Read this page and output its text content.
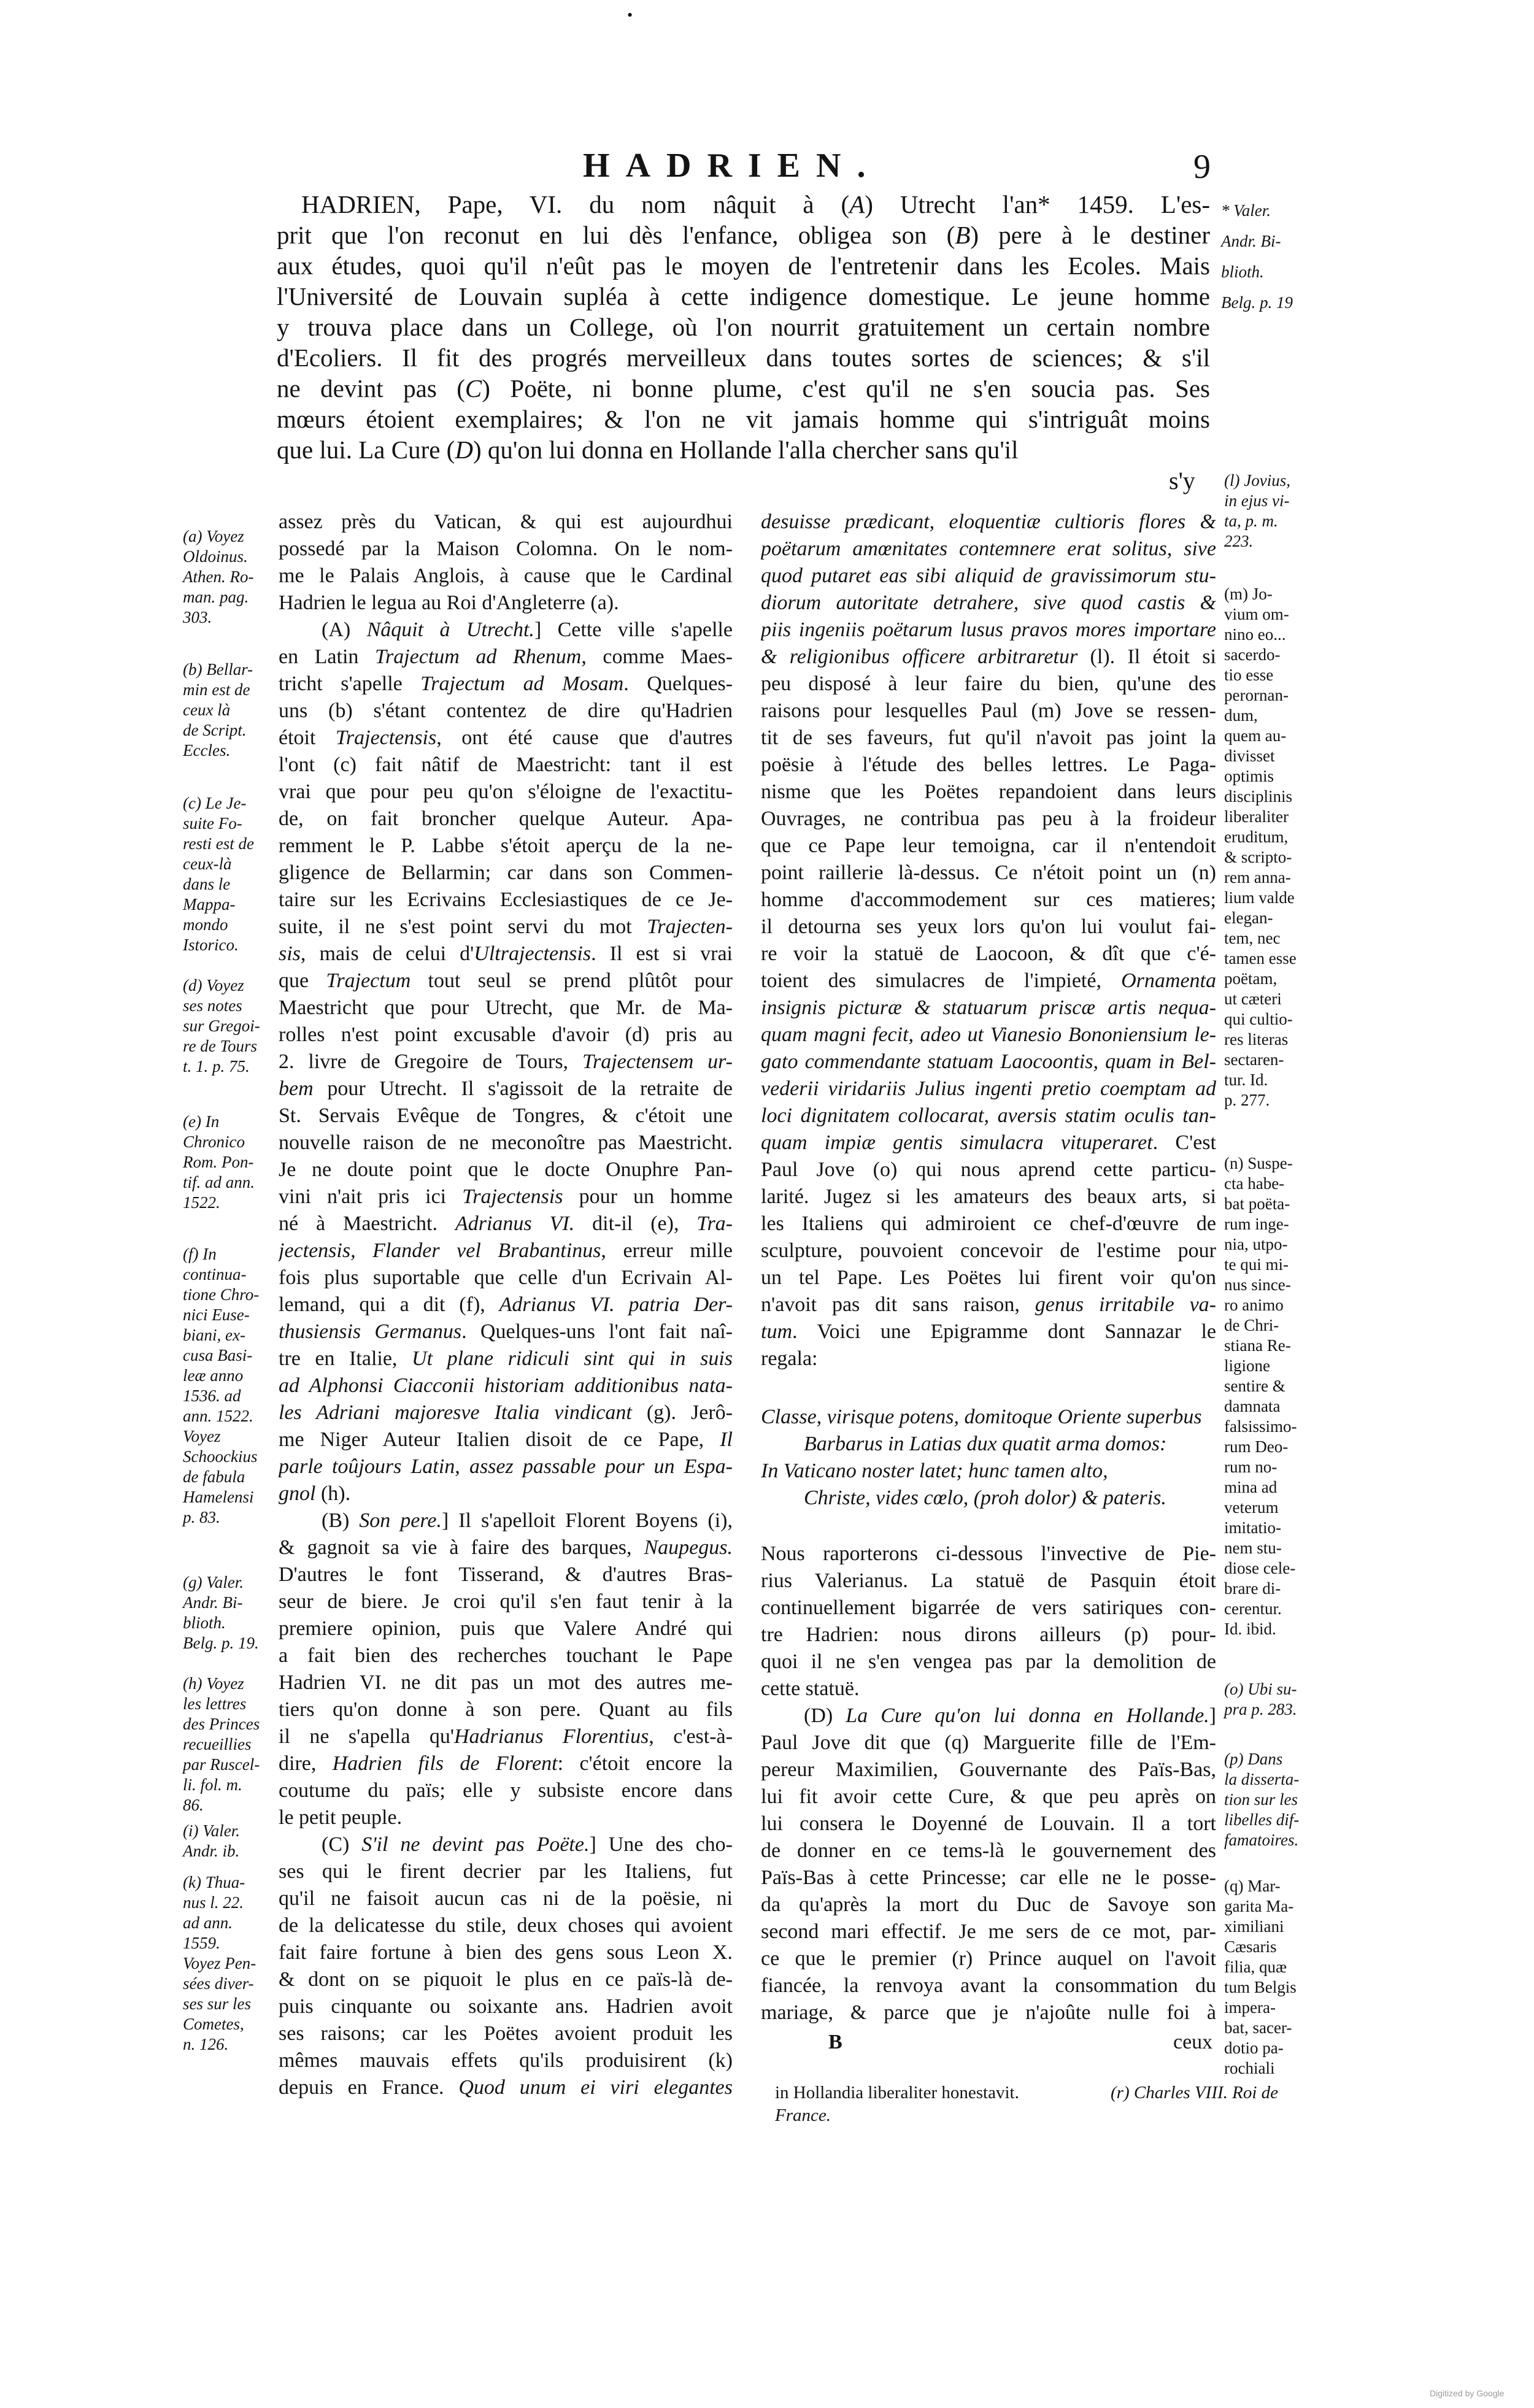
•
HADRIEN.	9
HADRIEN, Pape, VI. du nom nâquit à (A) Utrecht l'an* 1459. L'es-
prit que l'on reconut en lui dès l'enfance, obligea son (B) pere à le destiner
aux études, quoi qu'il n'eût pas le moyen de l'entretenir dans les Ecoles. Mais
l'Université de Louvain supléa à cette indigence domestique. Le jeune homme
y trouva place dans un College, où l'on nourrit gratuitement un certain nombre
d'Ecoliers. Il fit des progrés merveilleux dans toutes sortes de sciences; & s'il
ne devint pas (C) Poëte, ni bonne plume, c'est qu'il ne s'en soucia pas. Ses
mœurs étoient exemplaires; & l'on ne vit jamais homme qui s'intriguât moins
que lui. La Cure (D) qu'on lui donna en Hollande l'alla chercher sans qu'il
s'y
assez près du Vatican, & qui est aujourdhui
possedé par la Maison Colomna. On le nom-
me le Palais Anglois, à cause que le Cardinal
Hadrien le legua au Roi d'Angleterre (a).
(A) Nâquit à Utrecht.] Cette ville s'apelle
en Latin Trajectum ad Rhenum, comme Maes-
tricht s'apelle Trajectum ad Mosam. Quelques-
uns (b) s'étant contentez de dire qu'Hadrien
étoit Trajectensis, ont été cause que d'autres
l'ont (c) fait nâtif de Maestricht: tant il est
vrai que pour peu qu'on s'éloigne de l'exactitu-
de, on fait broncher quelque Auteur. Apa-
remment le P. Labbe s'étoit aperçu de la ne-
gligence de Bellarmin; car dans son Commen-
taire sur les Ecrivains Ecclesiastiques de ce Je-
suite, il ne s'est point servi du mot Trajecten-
sis, mais de celui d'Ultrajectensis. Il est si vrai
que Trajectum tout seul se prend plûtôt pour
Maestricht que pour Utrecht, que Mr. de Ma-
rolles n'est point excusable d'avoir (d) pris au
2. livre de Gregoire de Tours, Trajectensem ur-
bem pour Utrecht. Il s'agissoit de la retraite de
St. Servais Evêque de Tongres, & c'étoit une
nouvelle raison de ne meconoître pas Maestricht.
Je ne doute point que le docte Onuphre Pan-
vini n'ait pris ici Trajectensis pour un homme
né à Maestricht. Adrianus VI. dit-il (e), Tra-
jectensis, Flander vel Brabantinus, erreur mille
fois plus suportable que celle d'un Ecrivain Al-
lemand, qui a dit (f), Adrianus VI. patria Der-
thusiensis Germanus. Quelques-uns l'ont fait naî-
tre en Italie, Ut plane ridiculi sint qui in suis
ad Alphonsi Ciacconii historiam additionibus nata-
les Adriani majoresve Italia vindicant (g). Jerô-
me Niger Auteur Italien disoit de ce Pape, Il
parle toûjours Latin, assez passable pour un Espa-
gnol (h).
(B) Son pere.] Il s'apelloit Florent Boyens (i),
& gagnoit sa vie à faire des barques, Naupegus.
D'autres le font Tisserand, & d'autres Bras-
seur de biere. Je croi qu'il s'en faut tenir à la
premiere opinion, puis que Valere André qui
a fait bien des recherches touchant le Pape
Hadrien VI. ne dit pas un mot des autres me-
tiers qu'on donne à son pere. Quant au fils
il ne s'apella qu'Hadrianus Florentius, c'est-à-
dire, Hadrien fils de Florent: c'étoit encore la
coutume du païs; elle y subsiste encore dans
le petit peuple.
(C) S'il ne devint pas Poëte.] Une des cho-
ses qui le firent decrier par les Italiens, fut
qu'il ne faisoit aucun cas ni de la poësie, ni
de la delicatesse du stile, deux choses qui avoient
fait faire fortune à bien des gens sous Leon X.
& dont on se piquoit le plus en ce païs-là de-
puis cinquante ou soixante ans. Hadrien avoit
ses raisons; car les Poëtes avoient produit les
mêmes mauvais effets qu'ils produisirent (k)
depuis en France. Quod unum ei viri elegantes
desuisse prædicant, eloquentiæ cultioris flores &
poëtarum amœnitates contemnere erat solitus, sive
quod putaret eas sibi aliquid de gravissimorum stu-
diorum autoritate detrahere, sive quod castis &
piis ingeniis poëtarum lusus pravos mores importare
& religionibus officere arbitraretur (l). Il étoit si
peu disposé à leur faire du bien, qu'une des
raisons pour lesquelles Paul (m) Jove se ressen-
tit de ses faveurs, fut qu'il n'avoit pas joint la
poësie à l'étude des belles lettres. Le Paga-
nisme que les Poëtes repandoient dans leurs
Ouvrages, ne contribua pas peu à la froideur
que ce Pape leur temoigna, car il n'entendoit
point raillerie là-dessus. Ce n'étoit point un (n)
homme d'accommodement sur ces matieres;
il detourna ses yeux lors qu'on lui voulut fai-
re voir la statuë de Laocoon, & dît que c'é-
toient des simulacres de l'impieté, Ornamenta
insignis picturæ & statuarum priscæ artis nequa-
quam magni fecit, adeo ut Vianesio Bononiensium le-
gato commendante statuam Laocoontis, quam in Bel-
vederii viridariis Julius ingenti pretio coemptam ad
loci dignitatem collocarat, aversis statim oculis tan-
quam impiæ gentis simulacra vituperaret. C'est
Paul Jove (o) qui nous aprend cette particu-
larité. Jugez si les amateurs des beaux arts, si
les Italiens qui admiroient ce chef-d'œuvre de
sculpture, pouvoient concevoir de l'estime pour
un tel Pape. Les Poëtes lui firent voir qu'on
n'avoit pas dit sans raison, genus irritabile va-
tum. Voici une Epigramme dont Sannazar le
regala:
Classe, virisque potens, domitoque Oriente superbus
Barbarus in Latias dux quatit arma domos:
In Vaticano noster latet; hunc tamen alto,
Christe, vides cœlo, (proh dolor) & pateris.
Nous raporterons ci-dessous l'invective de Pie-
rius Valerianus. La statuë de Pasquin étoit
continuellement bigarrée de vers satiriques con-
tre Hadrien: nous dirons ailleurs (p) pour-
quoi il ne s'en vengea pas par la demolition de
cette statuë.
(D) La Cure qu'on lui donna en Hollande.]
Paul Jove dit que (q) Marguerite fille de l'Em-
pereur Maximilien, Gouvernante des Païs-Bas,
lui fit avoir cette Cure, & que peu après on
lui consera le Doyenné de Louvain. Il a tort
de donner en ce tems-là le gouvernement des
Païs-Bas à cette Princesse; car elle ne le posse-
da qu'après la mort du Duc de Savoye son
second mari effectif. Je me sers de ce mot, par-
ce que le premier (r) Prince auquel on l'avoit
fiancée, la renvoya avant la consommation du
mariage, & parce que je n'ajoûte nulle foi à
* Valer.
Andr. Bi-
blioth.
Belg. p. 19
(a) Voyez
Oldoinus.
Athen. Ro-
man. pag.
303.
(b) Bellar-
min est de
ceux là
de Script.
Eccles.
(c) Le Je-
suite Fo-
resti est de
ceux-là
dans le
Mappa-
mondo
Istorico.
(d) Voyez
ses notes
sur Gregoi-
re de Tours
t. 1. p. 75.
(e) In
Chronico
Rom. Pon-
tif. ad ann.
1522.
(f) In
continua-
tione Chro-
nici Euse-
biani, ex-
cusa Basi-
leæ anno
1536. ad
ann. 1522.
Voyez
Schoockius
de fabula
Hamelensi
p. 83.
(g) Valer.
Andr. Bi-
blioth.
Belg. p. 19.
(h) Voyez
les lettres
des Princes
recueillies
par Ruscel-
li. fol. m.
86.
(i) Valer.
Andr. ib.
(k) Thua-
nus l. 22.
ad ann.
1559.
Voyez Pen-
sées diver-
ses sur les
Cometes,
n. 126.
(l) Jovius,
in ejus vi-
ta, p. m.
223.
(m) Jo-
vium om-
nino eo...
sacerdo-
tio esse
perornan-
dum,
quem au-
divisset
optimis
disciplinis
liberaliter
eruditum,
& scripto-
rem anna-
lium valde
elegan-
tem, nec
tamen esse
poëtam,
ut cæteri
qui cultio-
res literas
sectaren-
tur. Id.
p. 277.
(n) Suspe-
cta habe-
bat poëta-
rum inge-
nia, utpo-
te qui mi-
nus since-
ro animo
de Chri-
stiana Re-
ligione
sentire &
damnata
falsissimo-
rum Deo-
rum no-
mina ad
veterum
imitatio-
nem stu-
diose cele-
brare di-
cerentur.
Id. ibid.
(o) Ubi su-
pra p. 283.
(p) Dans
la disserta-
tion sur les
libelles dif-
famatoires.
(q) Mar-
garita Ma-
ximiliani
Cæsaris
filia, quæ
tum Belgis
impera-
bat, sacer-
dotio pa-
rochiali
B	ceux
in Hollandia liberaliter honestavit.	(r) Charles VIII. Roi de
France.
Digitized by Google
